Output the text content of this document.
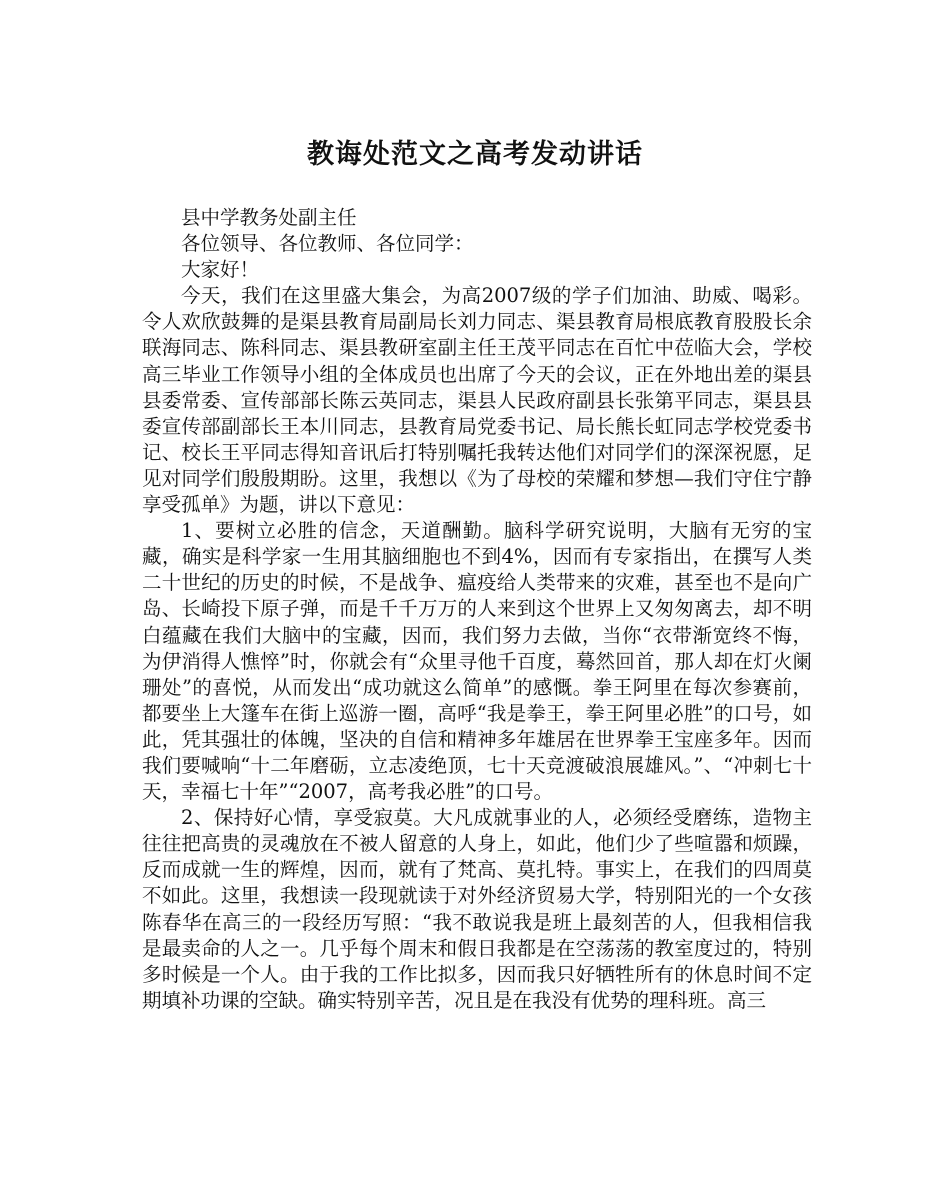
教诲处范文之高考发动讲话

县中学教务处副主任

各位领导、各位教师、各位同学：

大家好！

今天，我们在这里盛大集会，为高2007级的学子们加油、助威、喝彩。令人欢欣鼓舞的是渠县教育局副局长刘力同志、渠县教育局根底教育股股长余联海同志、陈科同志、渠县教研室副主任王茂平同志在百忙中莅临大会，学校高三毕业工作领导小组的全体成员也出席了今天的会议，正在外地出差的渠县县委常委、宣传部部长陈云英同志，渠县人民政府副县长张第平同志，渠县县委宣传部副部长王本川同志，县教育局党委书记、局长熊长虹同志学校党委书记、校长王平同志得知音讯后打特别嘱托我转达他们对同学们的深深祝愿，足见对同学们殷殷期盼。这里，我想以《为了母校的荣耀和梦想—我们守住宁静享受孤单》为题，讲以下意见：

1、要树立必胜的信念，天道酬勤。脑科学研究说明，大脑有无穷的宝藏，确实是科学家一生用其脑细胞也不到4%，因而有专家指出，在撰写人类二十世纪的历史的时候，不是战争、瘟疫给人类带来的灾难，甚至也不是向广岛、长崎投下原子弹，而是千千万万的人来到这个世界上又匆匆离去，却不明白蕴藏在我们大脑中的宝藏，因而，我们努力去做，当你“衣带渐宽终不悔，为伊消得人憔悴”时，你就会有“众里寻他千百度，蓦然回首，那人却在灯火阑珊处”的喜悦，从而发出“成功就这么简单”的感慨。拳王阿里在每次参赛前，都要坐上大篷车在街上巡游一圈，高呼“我是拳王，拳王阿里必胜”的口号，如此，凭其强壮的体魄，坚决的自信和精神多年雄居在世界拳王宝座多年。因而我们要喊响“十二年磨砺，立志凌绝顶，七十天竞渡破浪展雄风。”、“冲刺七十天，幸福七十年”“2007，高考我必胜”的口号。

2、保持好心情，享受寂莫。大凡成就事业的人，必须经受磨练，造物主往往把高贵的灵魂放在不被人留意的人身上，如此，他们少了些喧嚣和烦躁，反而成就一生的辉煌，因而，就有了梵高、莫扎特。事实上，在我们的四周莫不如此。这里，我想读一段现就读于对外经济贸易大学，特别阳光的一个女孩陈春华在高三的一段经历写照：“我不敢说我是班上最刻苦的人，但我相信我是最卖命的人之一。几乎每个周末和假日我都是在空荡荡的教室度过的，特别多时候是一个人。由于我的工作比拟多，因而我只好牺牲所有的休息时间不定期填补功课的空缺。确实特别辛苦，况且是在我没有优势的理科班。高三
